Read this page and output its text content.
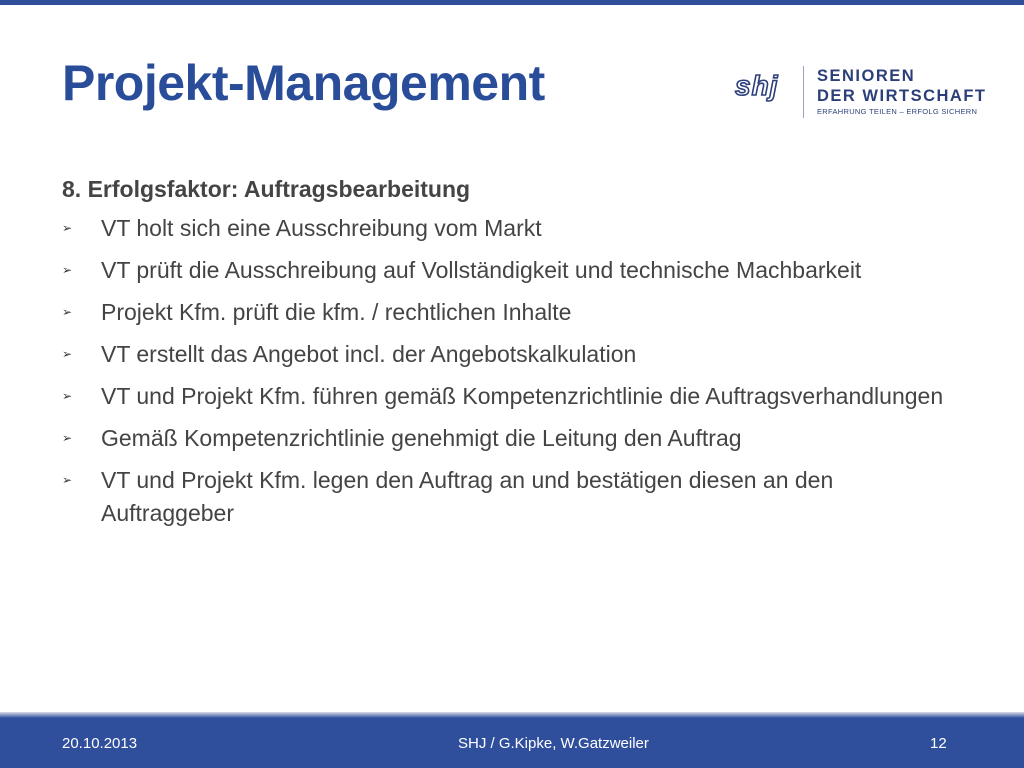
Projekt-Management	shj SENIOREN
DER WIRTSCHAFT
ERFAHRUNG TEILEN – ERFOLG SICHERN
8. Erfolgsfaktor: Auftragsbearbeitung
➢ VT holt sich eine Ausschreibung vom Markt
➢ VT prüft die Ausschreibung auf Vollständigkeit und technische Machbarkeit
➢ Projekt Kfm. prüft die kfm. / rechtlichen Inhalte
➢ VT erstellt das Angebot incl. der Angebotskalkulation
➢ VT und Projekt Kfm. führen gemäß Kompetenzrichtlinie die Auftragsverhandlungen
➢ Gemäß Kompetenzrichtlinie genehmigt die Leitung den Auftrag
➢ VT und Projekt Kfm. legen den Auftrag an und bestätigen diesen an den Auftraggeber
20.10.2013	SHJ / G.Kipke, W.Gatzweiler	12
